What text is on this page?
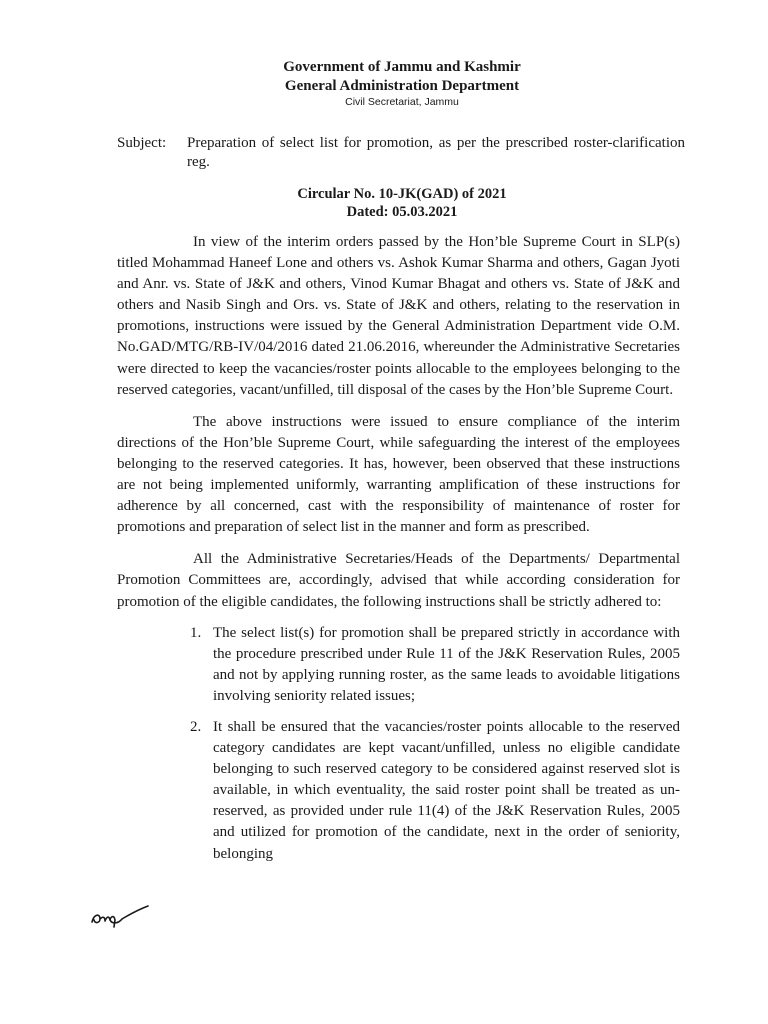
Government of Jammu and Kashmir
General Administration Department
Civil Secretariat, Jammu
Subject:	Preparation of select list for promotion, as per the prescribed roster-clarification reg.
Circular No. 10-JK(GAD) of 2021
Dated: 05.03.2021

In view of the interim orders passed by the Hon’ble Supreme Court in SLP(s) titled Mohammad Haneef Lone and others vs. Ashok Kumar Sharma and others, Gagan Jyoti and Anr. vs. State of J&K and others, Vinod Kumar Bhagat and others vs. State of J&K and others and Nasib Singh and Ors. vs. State of J&K and others, relating to the reservation in promotions, instructions were issued by the General Administration Department vide O.M. No.GAD/MTG/RB-IV/04/2016 dated 21.06.2016, whereunder the Administrative Secretaries were directed to keep the vacancies/roster points allocable to the employees belonging to the reserved categories, vacant/unfilled, till disposal of the cases by the Hon’ble Supreme Court.

The above instructions were issued to ensure compliance of the interim directions of the Hon’ble Supreme Court, while safeguarding the interest of the employees belonging to the reserved categories. It has, however, been observed that these instructions are not being implemented uniformly, warranting amplification of these instructions for adherence by all concerned, cast with the responsibility of maintenance of roster for promotions and preparation of select list in the manner and form as prescribed.

All the Administrative Secretaries/Heads of the Departments/ Departmental Promotion Committees are, accordingly, advised that while according consideration for promotion of the eligible candidates, the following instructions shall be strictly adhered to:

1. The select list(s) for promotion shall be prepared strictly in accordance with the procedure prescribed under Rule 11 of the J&K Reservation Rules, 2005 and not by applying running roster, as the same leads to avoidable litigations involving seniority related issues;
2. It shall be ensured that the vacancies/roster points allocable to the reserved category candidates are kept vacant/unfilled, unless no eligible candidate belonging to such reserved category to be considered against reserved slot is available, in which eventuality, the said roster point shall be treated as un-reserved, as provided under rule 11(4) of the J&K Reservation Rules, 2005 and utilized for promotion of the candidate, next in the order of seniority, belonging
